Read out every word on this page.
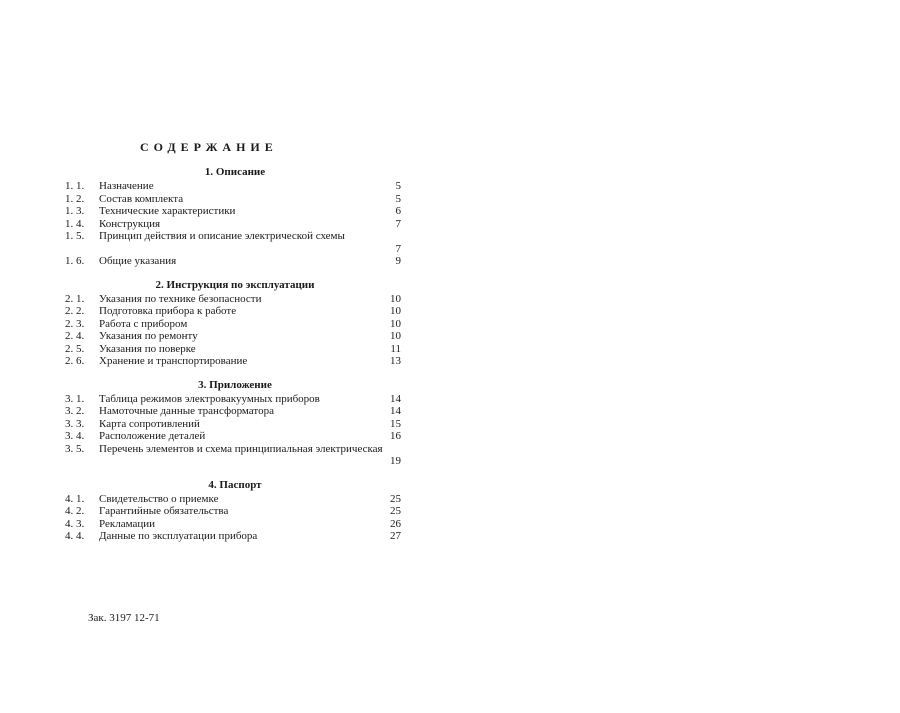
СОДЕРЖАНИЕ
1. Описание
1. 1.	Назначение	5
1. 2.	Состав комплекта	5
1. 3.	Технические характеристики	6
1. 4.	Конструкция	7
1. 5.	Принцип действия и описание электрической схемы
7
1. 6.	Общие указания	9
2. Инструкция по эксплуатации
2. 1.	Указания по технике безопасности	10
2. 2.	Подготовка прибора к работе	10
2. 3.	Работа с прибором	10
2. 4.	Указания по ремонту	10
2. 5.	Указания по поверке	11
2. 6.	Хранение и транспортирование	13
3. Приложение
3. 1.	Таблица режимов электровакуумных приборов	14
3. 2.	Намоточные данные трансформатора	14
3. 3.	Карта сопротивлений	15
3. 4.	Расположение деталей	16
3. 5.	Перечень элементов и схема принципиальная электрическая
19
4. Паспорт
4. 1.	Свидетельство о приемке	25
4. 2.	Гарантийные обязательства	25
4. 3.	Рекламации	26
4. 4.	Данные по эксплуатации прибора	27
Зак. 3197 12-71
